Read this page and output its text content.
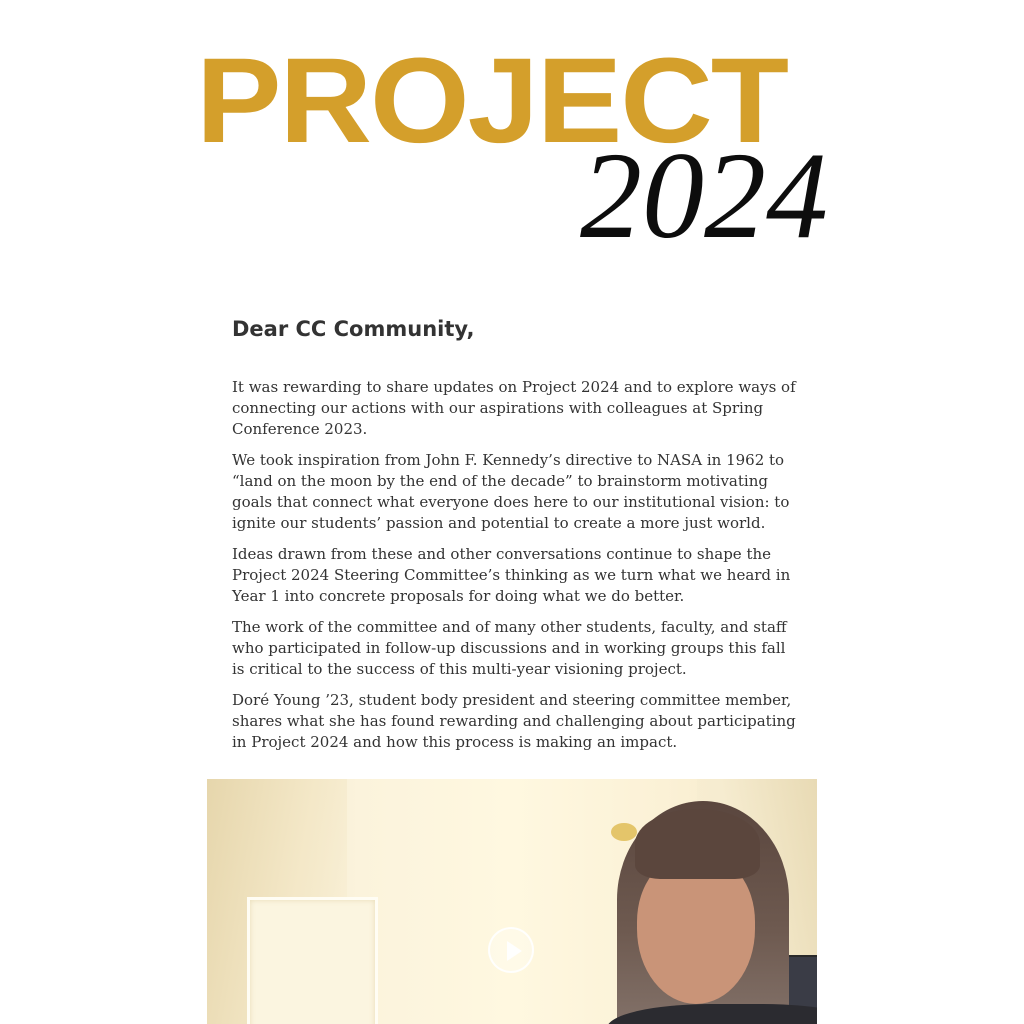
PROJECT
2024
Dear CC Community,

It was rewarding to share updates on Project 2024 and to explore ways of connecting our actions with our aspirations with colleagues at Spring Conference 2023.

We took inspiration from John F. Kennedy’s directive to NASA in 1962 to “land on the moon by the end of the decade” to brainstorm motivating goals that connect what everyone does here to our institutional vision: to ignite our students’ passion and potential to create a more just world.

Ideas drawn from these and other conversations continue to shape the Project 2024 Steering Committee’s thinking as we turn what we heard in Year 1 into concrete proposals for doing what we do better.

The work of the committee and of many other students, faculty, and staff who participated in follow-up discussions and in working groups this fall is critical to the success of this multi-year visioning project.

Doré Young ’23, student body president and steering committee member, shares what she has found rewarding and challenging about participating in Project 2024 and how this process is making an impact.
